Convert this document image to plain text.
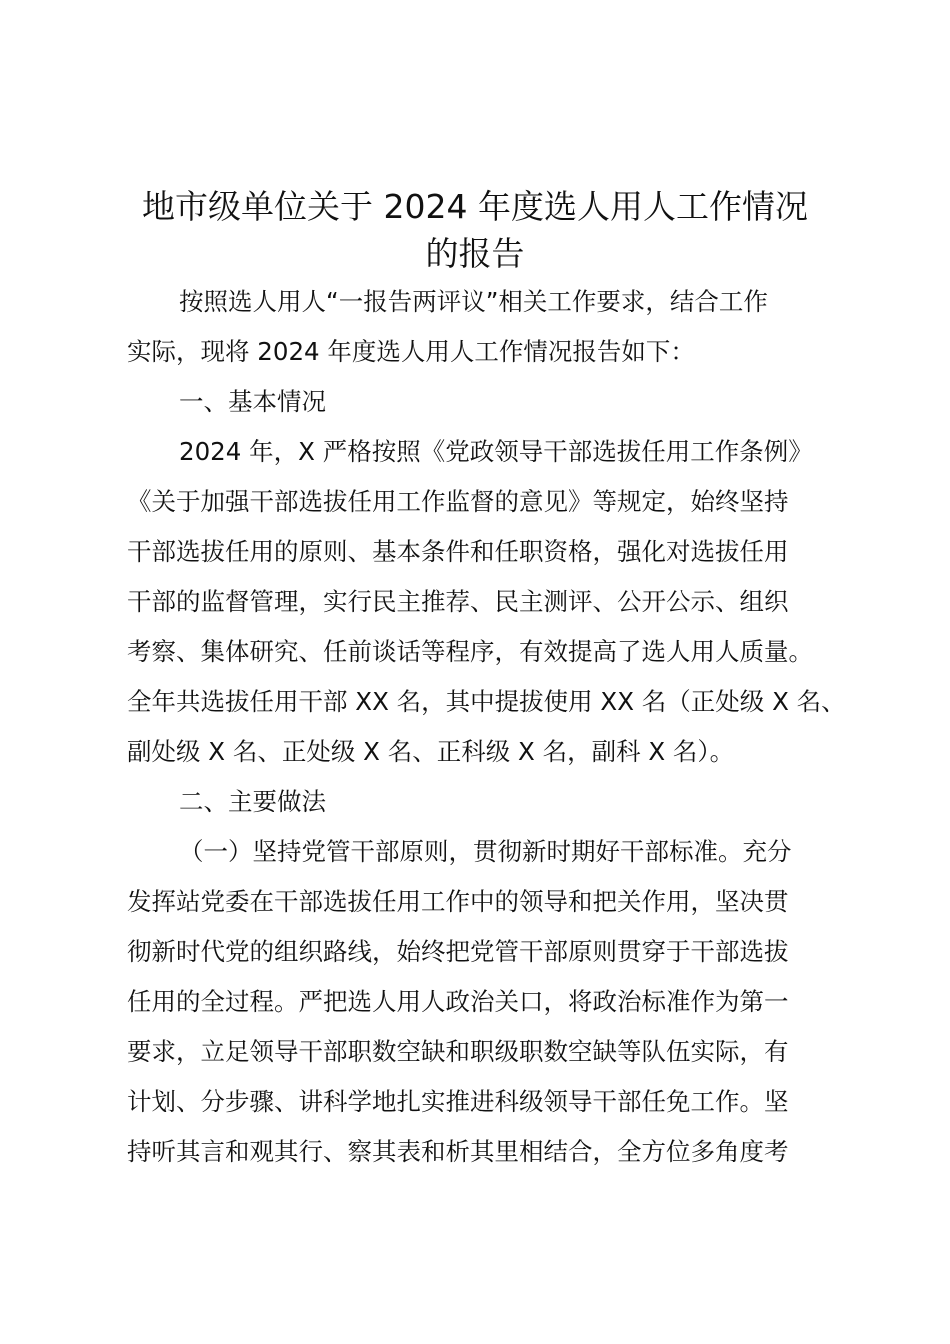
地市级单位关于 2024 年度选人用人工作情况
的报告

按照选人用人“一报告两评议”相关工作要求，结合工作

实际，现将 2024 年度选人用人工作情况报告如下：

一、基本情况

2024 年，X 严格按照《党政领导干部选拔任用工作条例》

《关于加强干部选拔任用工作监督的意见》等规定，始终坚持

干部选拔任用的原则、基本条件和任职资格，强化对选拔任用

干部的监督管理，实行民主推荐、民主测评、公开公示、组织

考察、集体研究、任前谈话等程序，有效提高了选人用人质量。

全年共选拔任用干部 XX 名，其中提拔使用 XX 名（正处级 X 名、

副处级 X 名、正处级 X 名、正科级 X 名，副科 X 名）。

二、主要做法

（一）坚持党管干部原则，贯彻新时期好干部标准。充分

发挥站党委在干部选拔任用工作中的领导和把关作用，坚决贯

彻新时代党的组织路线，始终把党管干部原则贯穿于干部选拔

任用的全过程。严把选人用人政治关口，将政治标准作为第一

要求，立足领导干部职数空缺和职级职数空缺等队伍实际，有

计划、分步骤、讲科学地扎实推进科级领导干部任免工作。坚

持听其言和观其行、察其表和析其里相结合，全方位多角度考
